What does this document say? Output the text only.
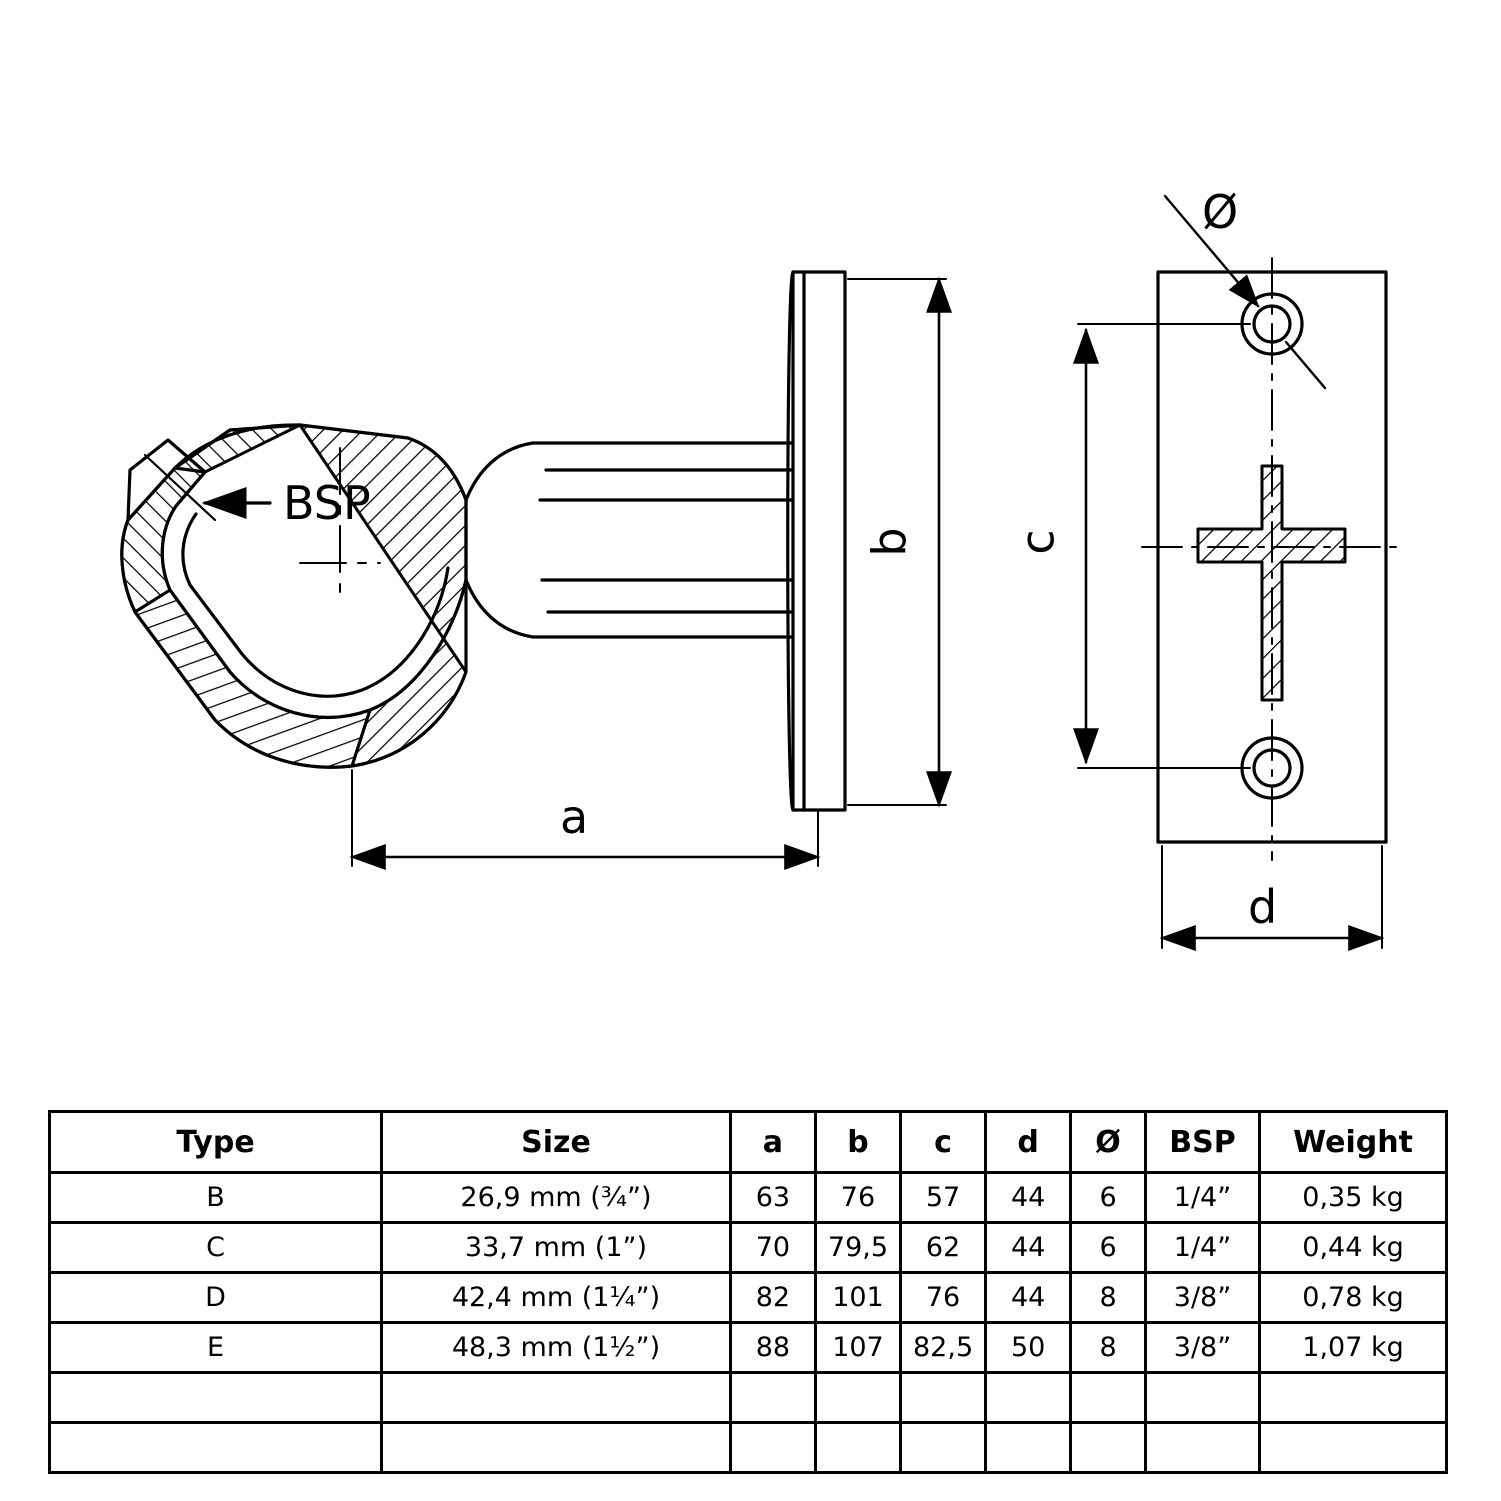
BSP
a
b c
d
Ø
Type	Size	a	b	c	d	Ø	BSP	Weight
B	26,9 mm (¾”)	63	76	57	44	6	1/4”	0,35 kg
C	33,7 mm (1”)	70	79,5	62	44	6	1/4”	0,44 kg
D	42,4 mm (1¼”)	82	101	76	44	8	3/8”	0,78 kg
E	48,3 mm (1½”)	88	107	82,5	50	8	3/8”	1,07 kg
